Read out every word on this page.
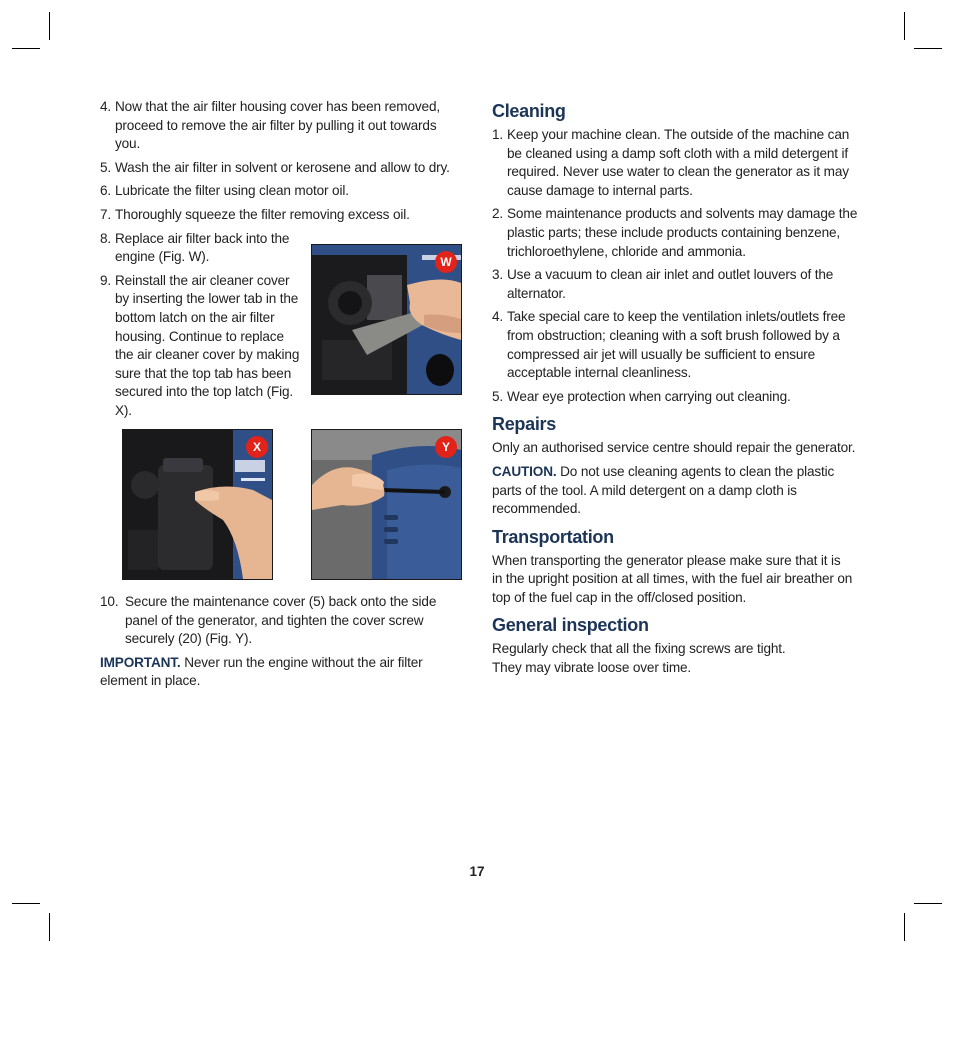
4. Now that the air filter housing cover has been removed, proceed to remove the air filter by pulling it out towards you.
5. Wash the air filter in solvent or kerosene and allow to dry.
6. Lubricate the filter using clean motor oil.
7. Thoroughly squeeze the filter removing excess oil.
8. Replace air filter back into the engine (Fig. W).
9. Reinstall the air cleaner cover by inserting the lower tab in the bottom latch on the air filter housing. Continue to replace the air cleaner cover by making sure that the top tab has been secured into the top latch (Fig. X).
W
X	Y
10. Secure the maintenance cover (5) back onto the side panel of the generator, and tighten the cover screw securely (20) (Fig. Y).
IMPORTANT. Never run the engine without the air filter element in place.
Cleaning
1. Keep your machine clean. The outside of the machine can be cleaned using a damp soft cloth with a mild detergent if required. Never use water to clean the generator as it may cause damage to internal parts.
2. Some maintenance products and solvents may damage the plastic parts; these include products containing benzene, trichloroethylene, chloride and ammonia.
3. Use a vacuum to clean air inlet and outlet louvers of the alternator.
4. Take special care to keep the ventilation inlets/outlets free from obstruction; cleaning with a soft brush followed by a compressed air jet will usually be sufficient to ensure acceptable internal cleanliness.
5. Wear eye protection when carrying out cleaning.
Repairs
Only an authorised service centre should repair the generator.
CAUTION. Do not use cleaning agents to clean the plastic parts of the tool. A mild detergent on a damp cloth is recommended.
Transportation
When transporting the generator please make sure that it is in the upright position at all times, with the fuel air breather on top of the fuel cap in the off/closed position.
General inspection
Regularly check that all the fixing screws are tight.
They may vibrate loose over time.
17
